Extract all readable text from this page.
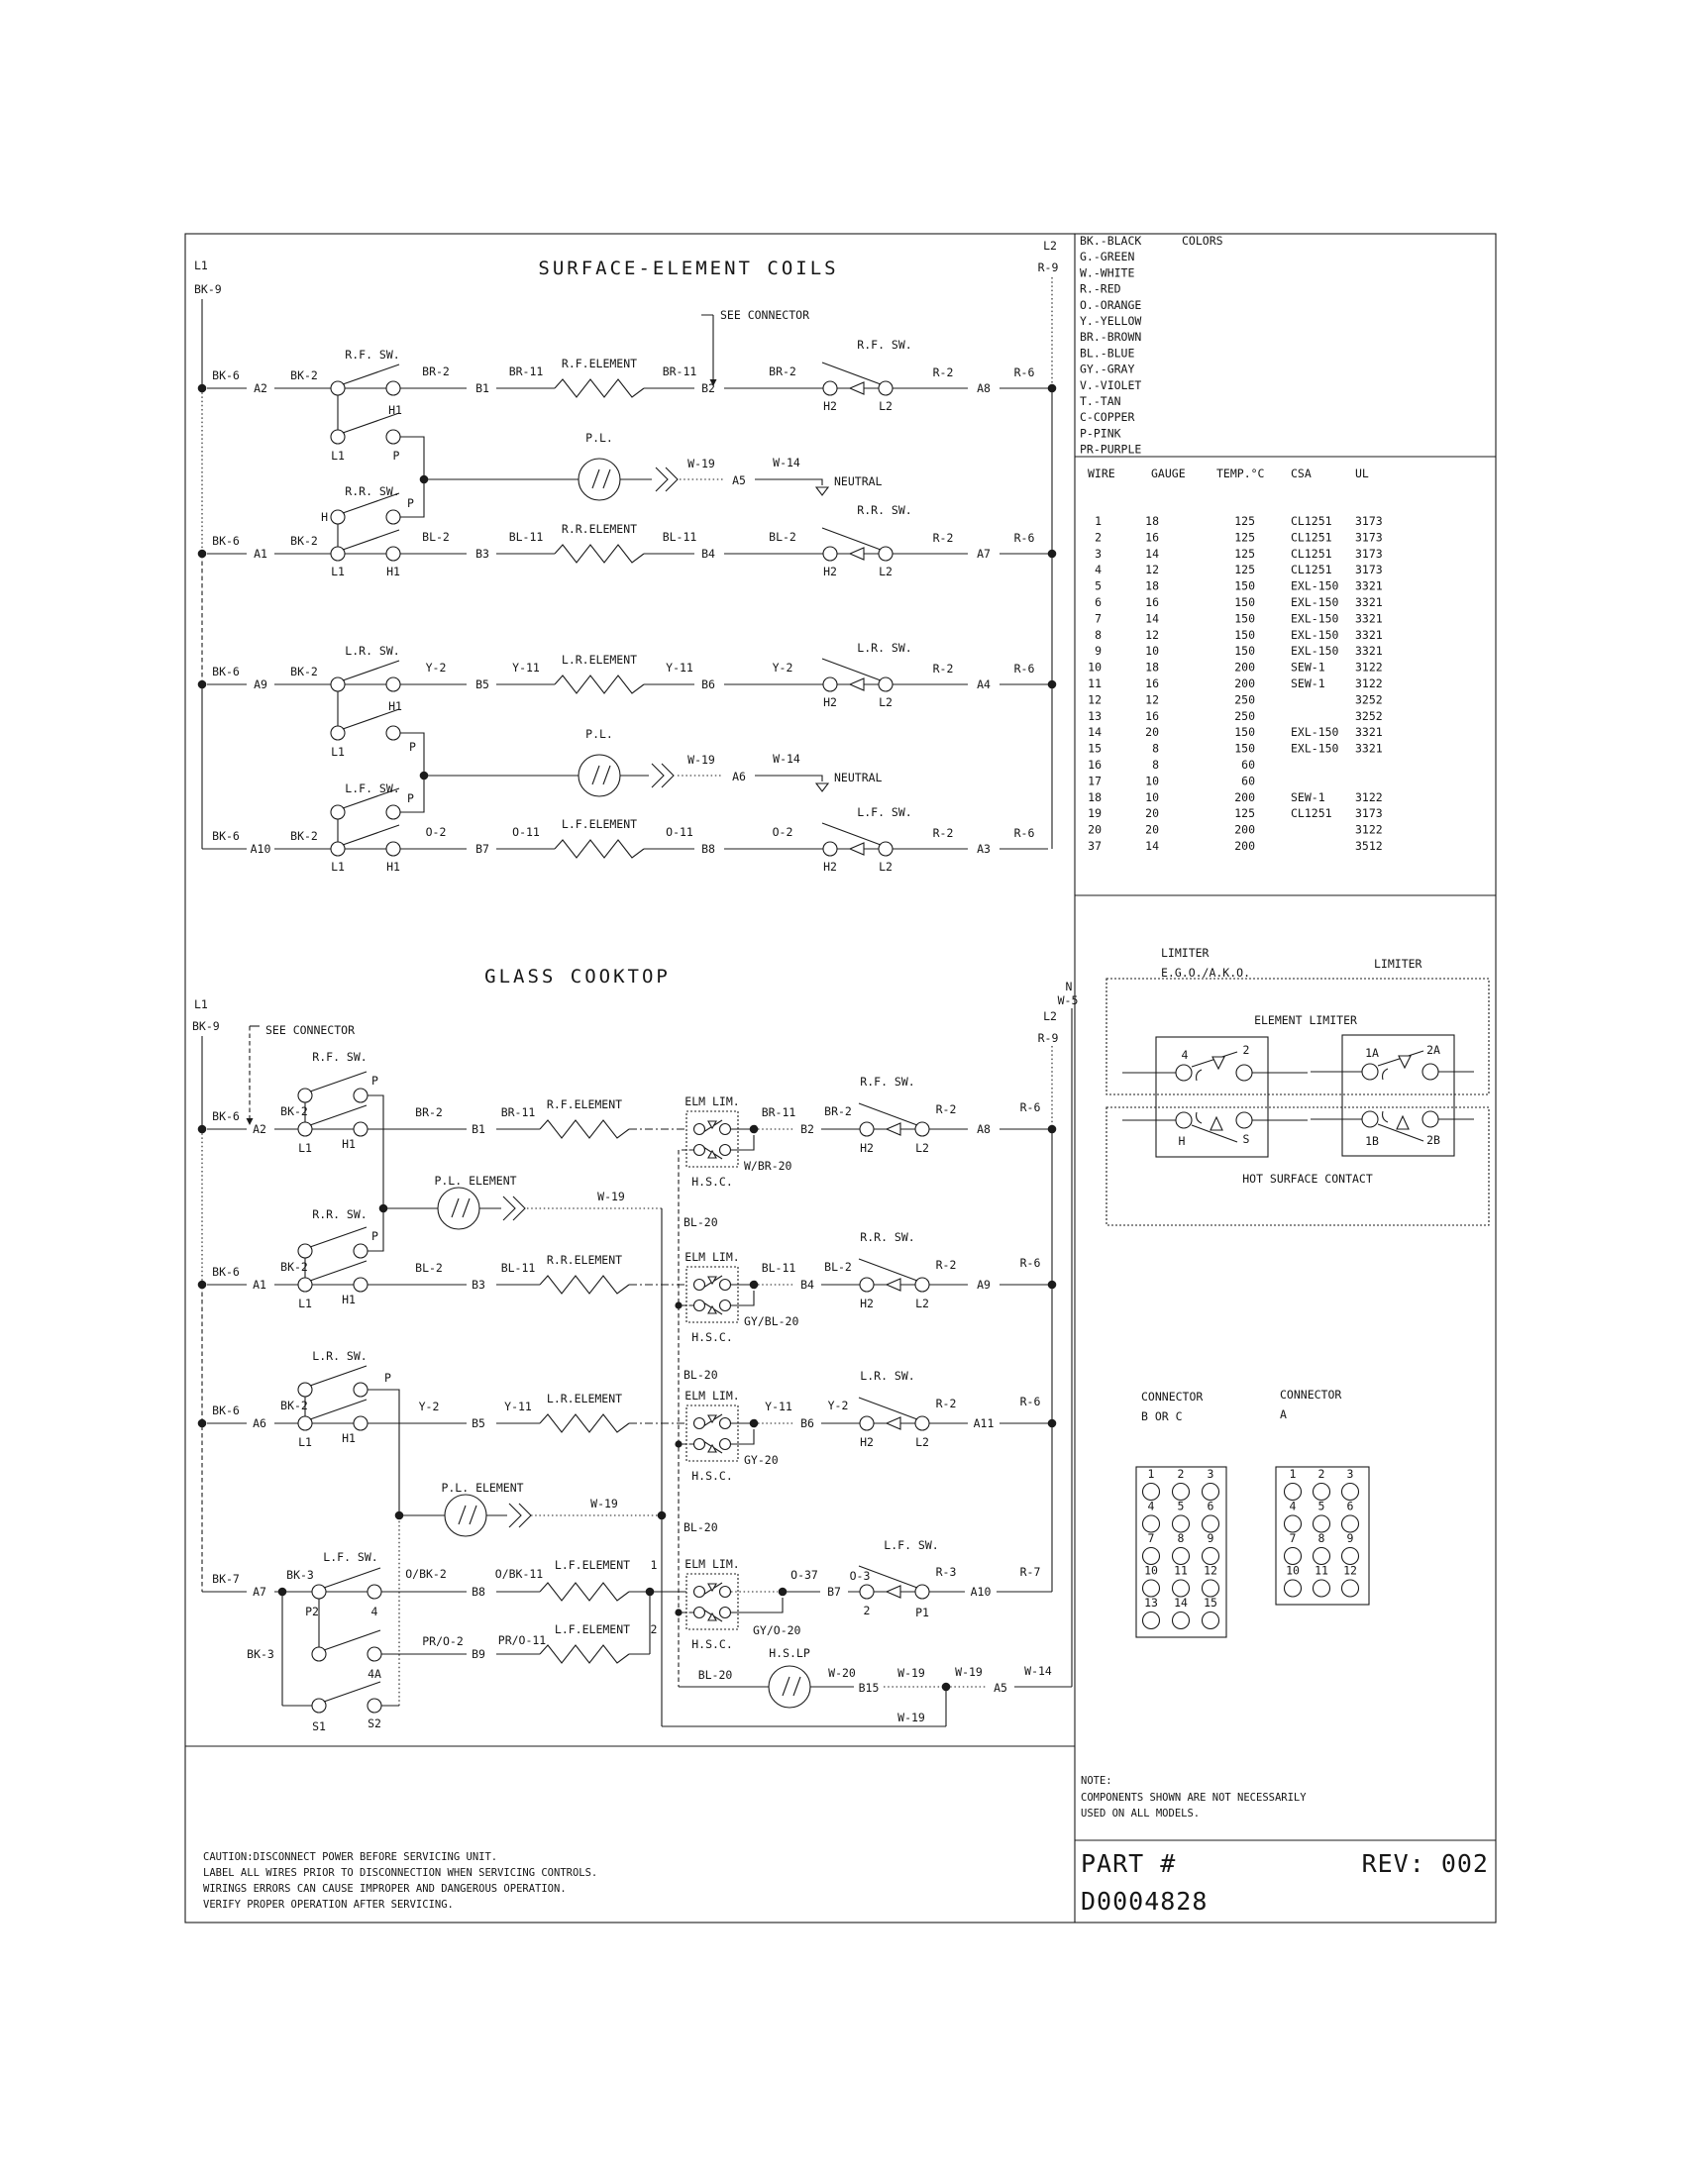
SURFACE-ELEMENT COILS
L1
BK-9
L2
R-9
SEE CONNECTOR
BK-6
A2
BK-2
R.F. SW.
H1
L1	P
BR-2
B1
BR-11
R.F.ELEMENT
BR-11
B2
BR-2
H2	L2
R.F. SW.
R-2
A8
R-6
P.L.
W-19
A5
W-14
NEUTRAL
BK-6
A1
BK-2
R.R. SW.
H
P
L1	H1
BL-2
B3
BL-11
R.R.ELEMENT
BL-11
B4
BL-2
H2	L2
R.R. SW.
R-2
A7
R-6
BK-6
A9
BK-2
L.R. SW.
H1
L1	P
Y-2
B5
Y-11
L.R.ELEMENT
Y-11
B6
Y-2
H2	L2
L.R. SW.
R-2
A4
R-6
P.L.
W-19
A6
W-14
NEUTRAL
BK-6
A10
BK-2
L.F. SW.
P
L1	H1
O-2
B7
O-11
L.F.ELEMENT
O-11
B8
O-2
H2	L2
L.F. SW.
R-2
A3
R-6
GLASS COOKTOP
L1
BK-9	SEE CONNECTOR
L2
R-9
N
W-5
BK-6
A2
BK-2
R.F. SW.
P
L1	H1
BR-2
B1
BR-11
R.F.ELEMENT	ELM LIM.
H.S.C.
W/BR-20
BR-11
B2
BR-2
H2	L2
R.F. SW.
R-2
A8
R-6
P.L. ELEMENT
W-19
BK-6
A1
BK-2
R.R. SW.
P
L1	H1
BL-2
B3
BL-11
R.R.ELEMENT	ELM LIM.
H.S.C.
GY/BL-20
BL-20
BL-11
B4
BL-2
H2	L2
R.R. SW.
R-2
A9
R-6
BK-6
A6
BK-2
L.R. SW.
P
L1	H1
Y-2
B5
Y-11
L.R.ELEMENT	ELM LIM.
H.S.C.
GY-20
BL-20
Y-11
B6
Y-2
H2	L2
L.R. SW.
R-2
A11
R-6
P.L. ELEMENT
W-19
BK-7
A7
BK-3
L.F. SW.
P2	4
BK-3
4A
S1	S2
O/BK-2
B8
O/BK-11
L.F.ELEMENT 1
PR/O-2
B9
PR/O-11
L.F.ELEMENT 2
ELM LIM.
H.S.C.
GY/O-20
BL-20
O-37
B7
O-3
2	P1
L.F. SW.
R-3
A10
R-7
BL-20
H.S.LP
W-20
B15
W-19	W-19
A5
W-14
W-19
COLORS
BK.-BLACK
G.-GREEN
W.-WHITE
R.-RED
O.-ORANGE
Y.-YELLOW
BR.-BROWN
BL.-BLUE
GY.-GRAY
V.-VIOLET
T.-TAN
C-COPPER
P-PINK
PR-PURPLE
WIRE	GAUGE	TEMP.°C CSA	UL
1	18	125	CL1251 3173
2	16	125	CL1251 3173
3	14	125	CL1251 3173
4	12	125	CL1251 3173
5	18	150	EXL-150 3321
6	16	150	EXL-150 3321
7	14	150	EXL-150 3321
8	12	150	EXL-150 3321
9	10	150	EXL-150 3321
10	18	200	SEW-1	3122
11	16	200	SEW-1	3122
12	12	250	3252
13	16	250	3252
14	20	150	EXL-150 3321
15	8	150	EXL-150 3321
16	8	60
17	10	60
18	10	200	SEW-1	3122
19	20	125	CL1251 3173
20	20	200	3122
37	14	200	3512
LIMITER
E.G.O./A.K.O.
LIMITER
ELEMENT LIMITER
HOT SURFACE CONTACT
4	2	1A	2A
H	S	1B	2B
CONNECTOR
B OR C
CONNECTOR
A
1 2 3
4 5 6
7 8 9
10 11 12
13 14 15
1 2 3
4 5 6
7 8 9
10 11 12
NOTE:
COMPONENTS SHOWN ARE NOT NECESSARILY
USED ON ALL MODELS.
PART #	REV: 002
D0004828
CAUTION:DISCONNECT POWER BEFORE SERVICING UNIT.
LABEL ALL WIRES PRIOR TO DISCONNECTION WHEN SERVICING CONTROLS.
WIRINGS ERRORS CAN CAUSE IMPROPER AND DANGEROUS OPERATION.
VERIFY PROPER OPERATION AFTER SERVICING.
